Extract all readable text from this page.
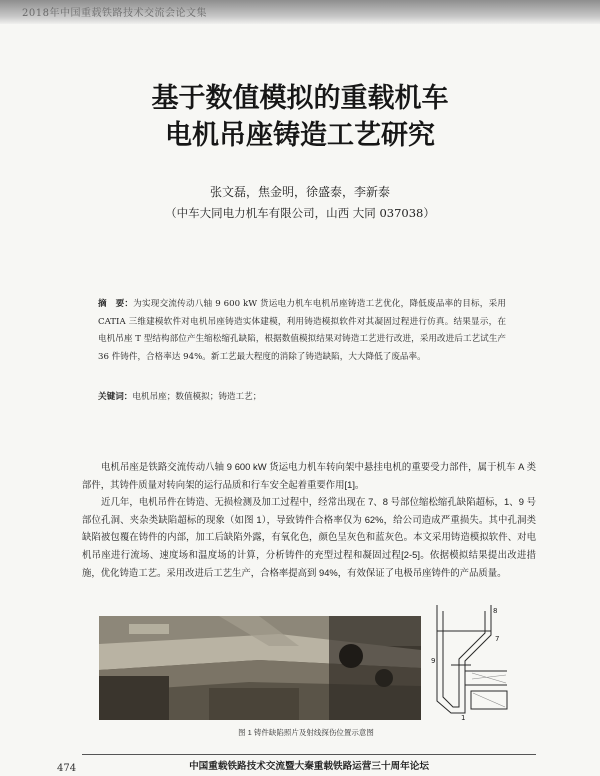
2018年中国重载铁路技术交流会论文集
基于数值模拟的重载机车
电机吊座铸造工艺研究
张文磊，焦金明，徐盛泰，李新泰
（中车大同电力机车有限公司，山西 大同 037038）
摘　要：为实现交流传动八轴 9 600 kW 货运电力机车电机吊座铸造工艺优化，降低废品率的目标，采用 CATIA 三维建模软件对电机吊座铸造实体建模，利用铸造模拟软件对其凝固过程进行仿真。结果显示，在电机吊座 T 型结构部位产生缩松缩孔缺陷，根据数值模拟结果对铸造工艺进行改进，采用改进后工艺试生产 36 件铸件，合格率达 94%。新工艺最大程度的消除了铸造缺陷，大大降低了废品率。
关键词：电机吊座；数值模拟；铸造工艺；
电机吊座是铁路交流传动八轴 9 600 kW 货运电力机车转向架中悬挂电机的重要受力部件，属于机车 A 类部件，其铸件质量对转向架的运行品质和行车安全起着重要作用[1]。
近几年，电机吊件在铸造、无损检测及加工过程中，经常出现在 7、8 号部位缩松缩孔缺陷超标，1、9 号部位孔洞、夹杂类缺陷超标的现象（如图 1），导致铸件合格率仅为 62%，给公司造成严重损失。其中孔洞类缺陷被包覆在铸件的内部，加工后缺陷外露，有氧化色，颜色呈灰色和蓝灰色。本文采用铸造模拟软件、对电机吊座进行流场、速度场和温度场的计算，分析铸件的充型过程和凝固过程[2-5]。依据模拟结果提出改进措施，优化铸造工艺。采用改进后工艺生产，合格率提高到 94%，有效保证了电极吊座铸件的产品质量。
8
7
9
1
图 1 铸件缺陷照片及射线探伤位置示意图
中国重载铁路技术交流暨大秦重载铁路运营三十周年论坛
474
